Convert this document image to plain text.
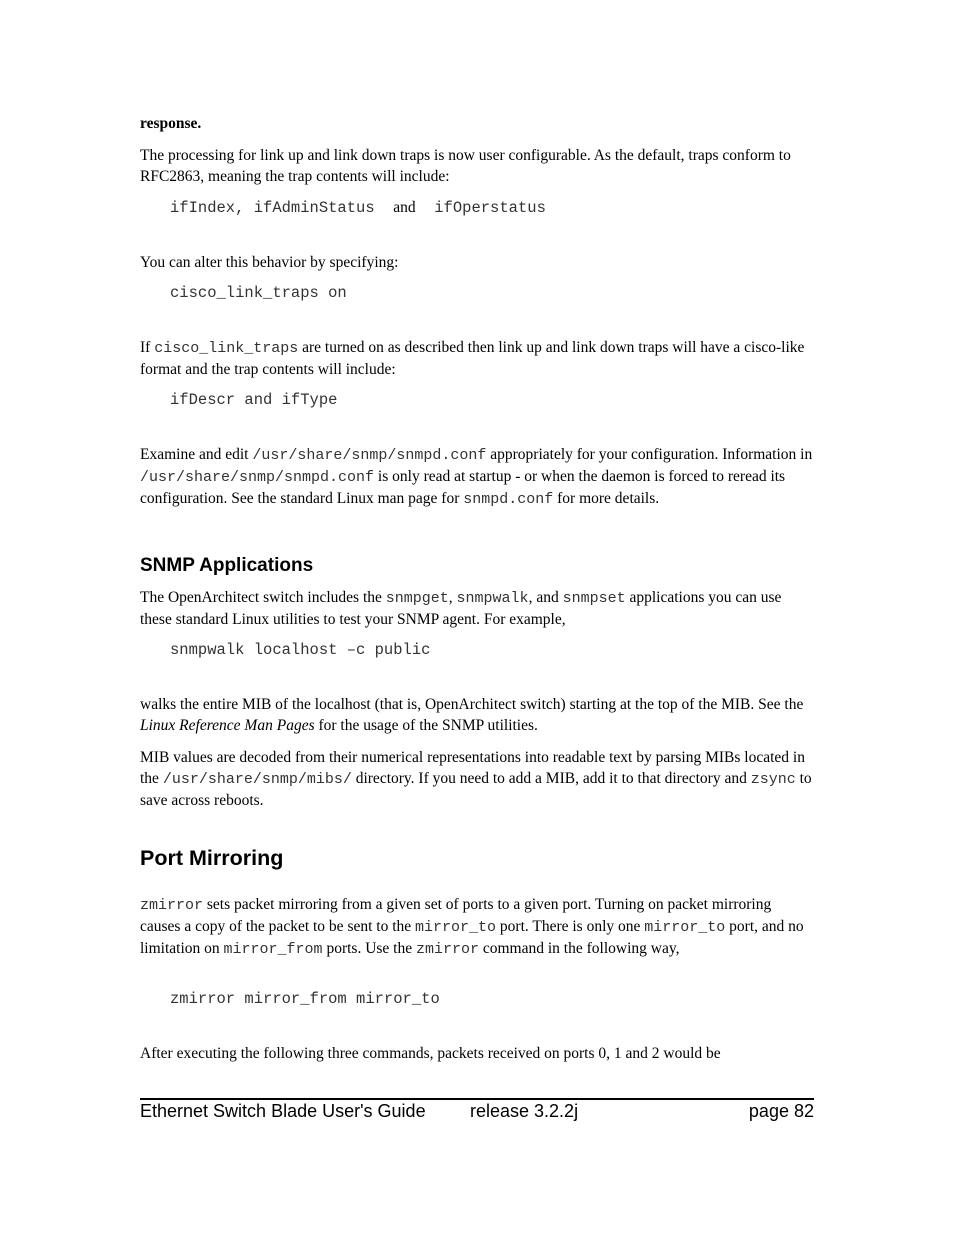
response.

The processing for link up and link down traps is now user configurable. As the default, traps conform to RFC2863, meaning the trap contents will include:

ifIndex, ifAdminStatus and ifOperstatus

You can alter this behavior by specifying:

cisco_link_traps on

If cisco_link_traps are turned on as described then link up and link down traps will have a cisco-like format and the trap contents will include:

ifDescr and ifType

Examine and edit /usr/share/snmp/snmpd.conf appropriately for your configuration. Information in /usr/share/snmp/snmpd.conf is only read at startup - or when the daemon is forced to reread its configuration. See the standard Linux man page for snmpd.conf for more details.

SNMP Applications

The OpenArchitect switch includes the snmpget, snmpwalk, and snmpset applications you can use these standard Linux utilities to test your SNMP agent. For example,

snmpwalk localhost –c public

walks the entire MIB of the localhost (that is, OpenArchitect switch) starting at the top of the MIB. See the Linux Reference Man Pages for the usage of the SNMP utilities.

MIB values are decoded from their numerical representations into readable text by parsing MIBs located in the /usr/share/snmp/mibs/ directory. If you need to add a MIB, add it to that directory and zsync to save across reboots.

Port Mirroring

zmirror sets packet mirroring from a given set of ports to a given port. Turning on packet mirroring causes a copy of the packet to be sent to the mirror_to port. There is only one mirror_to port, and no limitation on mirror_from ports. Use the zmirror command in the following way,

zmirror mirror_from mirror_to

After executing the following three commands, packets received on ports 0, 1 and 2 would be

Ethernet Switch Blade User's Guide release 3.2.2j	page 82
